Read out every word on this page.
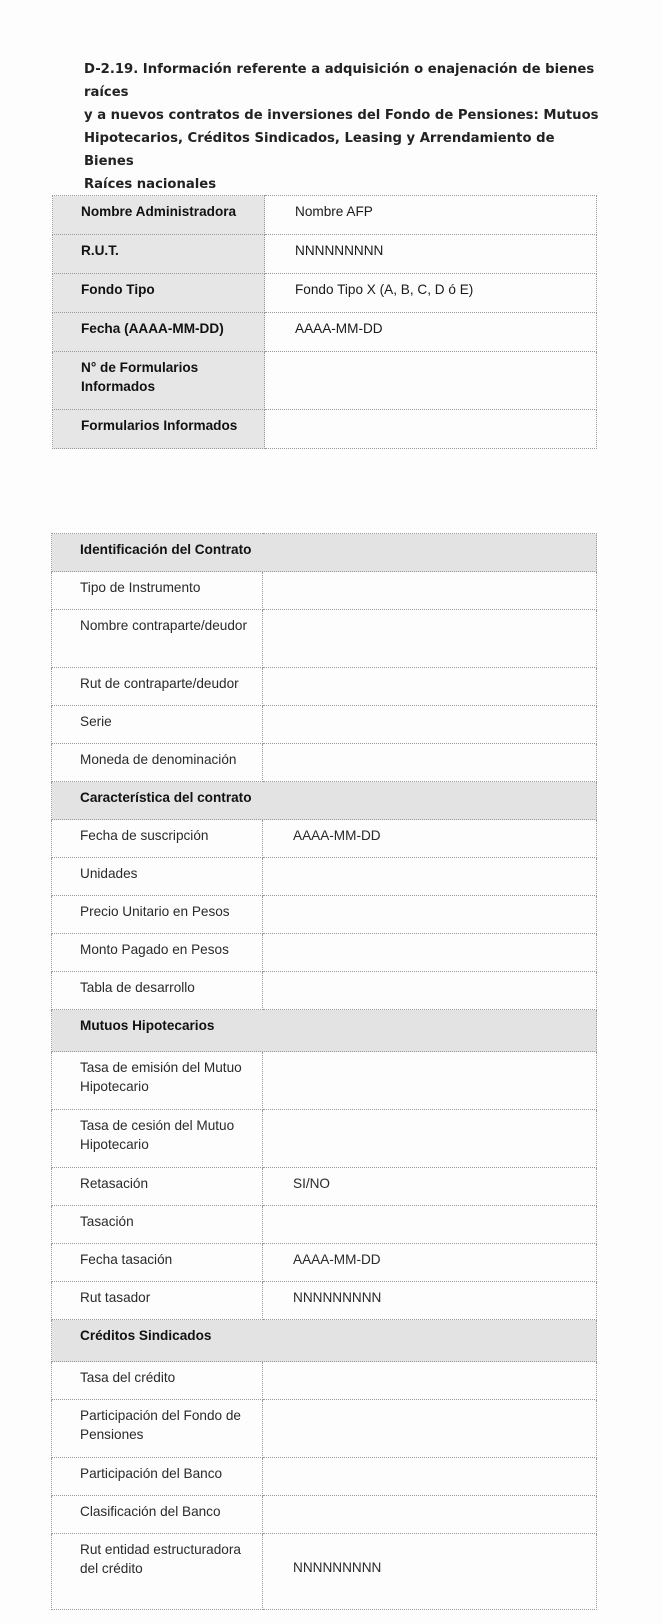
D-2.19. Información referente a adquisición o enajenación de bienes raíces
y a nuevos contratos de inversiones del Fondo de Pensiones: Mutuos
Hipotecarios, Créditos Sindicados, Leasing y Arrendamiento de Bienes
Raíces nacionales
Nombre Administradora	Nombre AFP
R.U.T.	NNNNNNNNN
Fondo Tipo	Fondo Tipo X (A, B, C, D ó E)
Fecha (AAAA-MM-DD)	AAAA-MM-DD
N° de Formularios Informados	
Formularios Informados	
Identificación del Contrato	
Tipo de Instrumento	
Nombre contraparte/deudor	
Rut de contraparte/deudor	
Serie	
Moneda de denominación	
Característica del contrato	
Fecha de suscripción	AAAA-MM-DD
Unidades	
Precio Unitario en Pesos	
Monto Pagado en Pesos	
Tabla de desarrollo	
Mutuos Hipotecarios	
Tasa de emisión del Mutuo Hipotecario	
Tasa de cesión del Mutuo Hipotecario	
Retasación	SI/NO
Tasación	
Fecha tasación	AAAA-MM-DD
Rut tasador	NNNNNNNNN
Créditos Sindicados	
Tasa del crédito	
Participación del Fondo de Pensiones	
Participación del Banco	
Clasificación del Banco	
Rut entidad estructuradora del crédito	NNNNNNNNN
